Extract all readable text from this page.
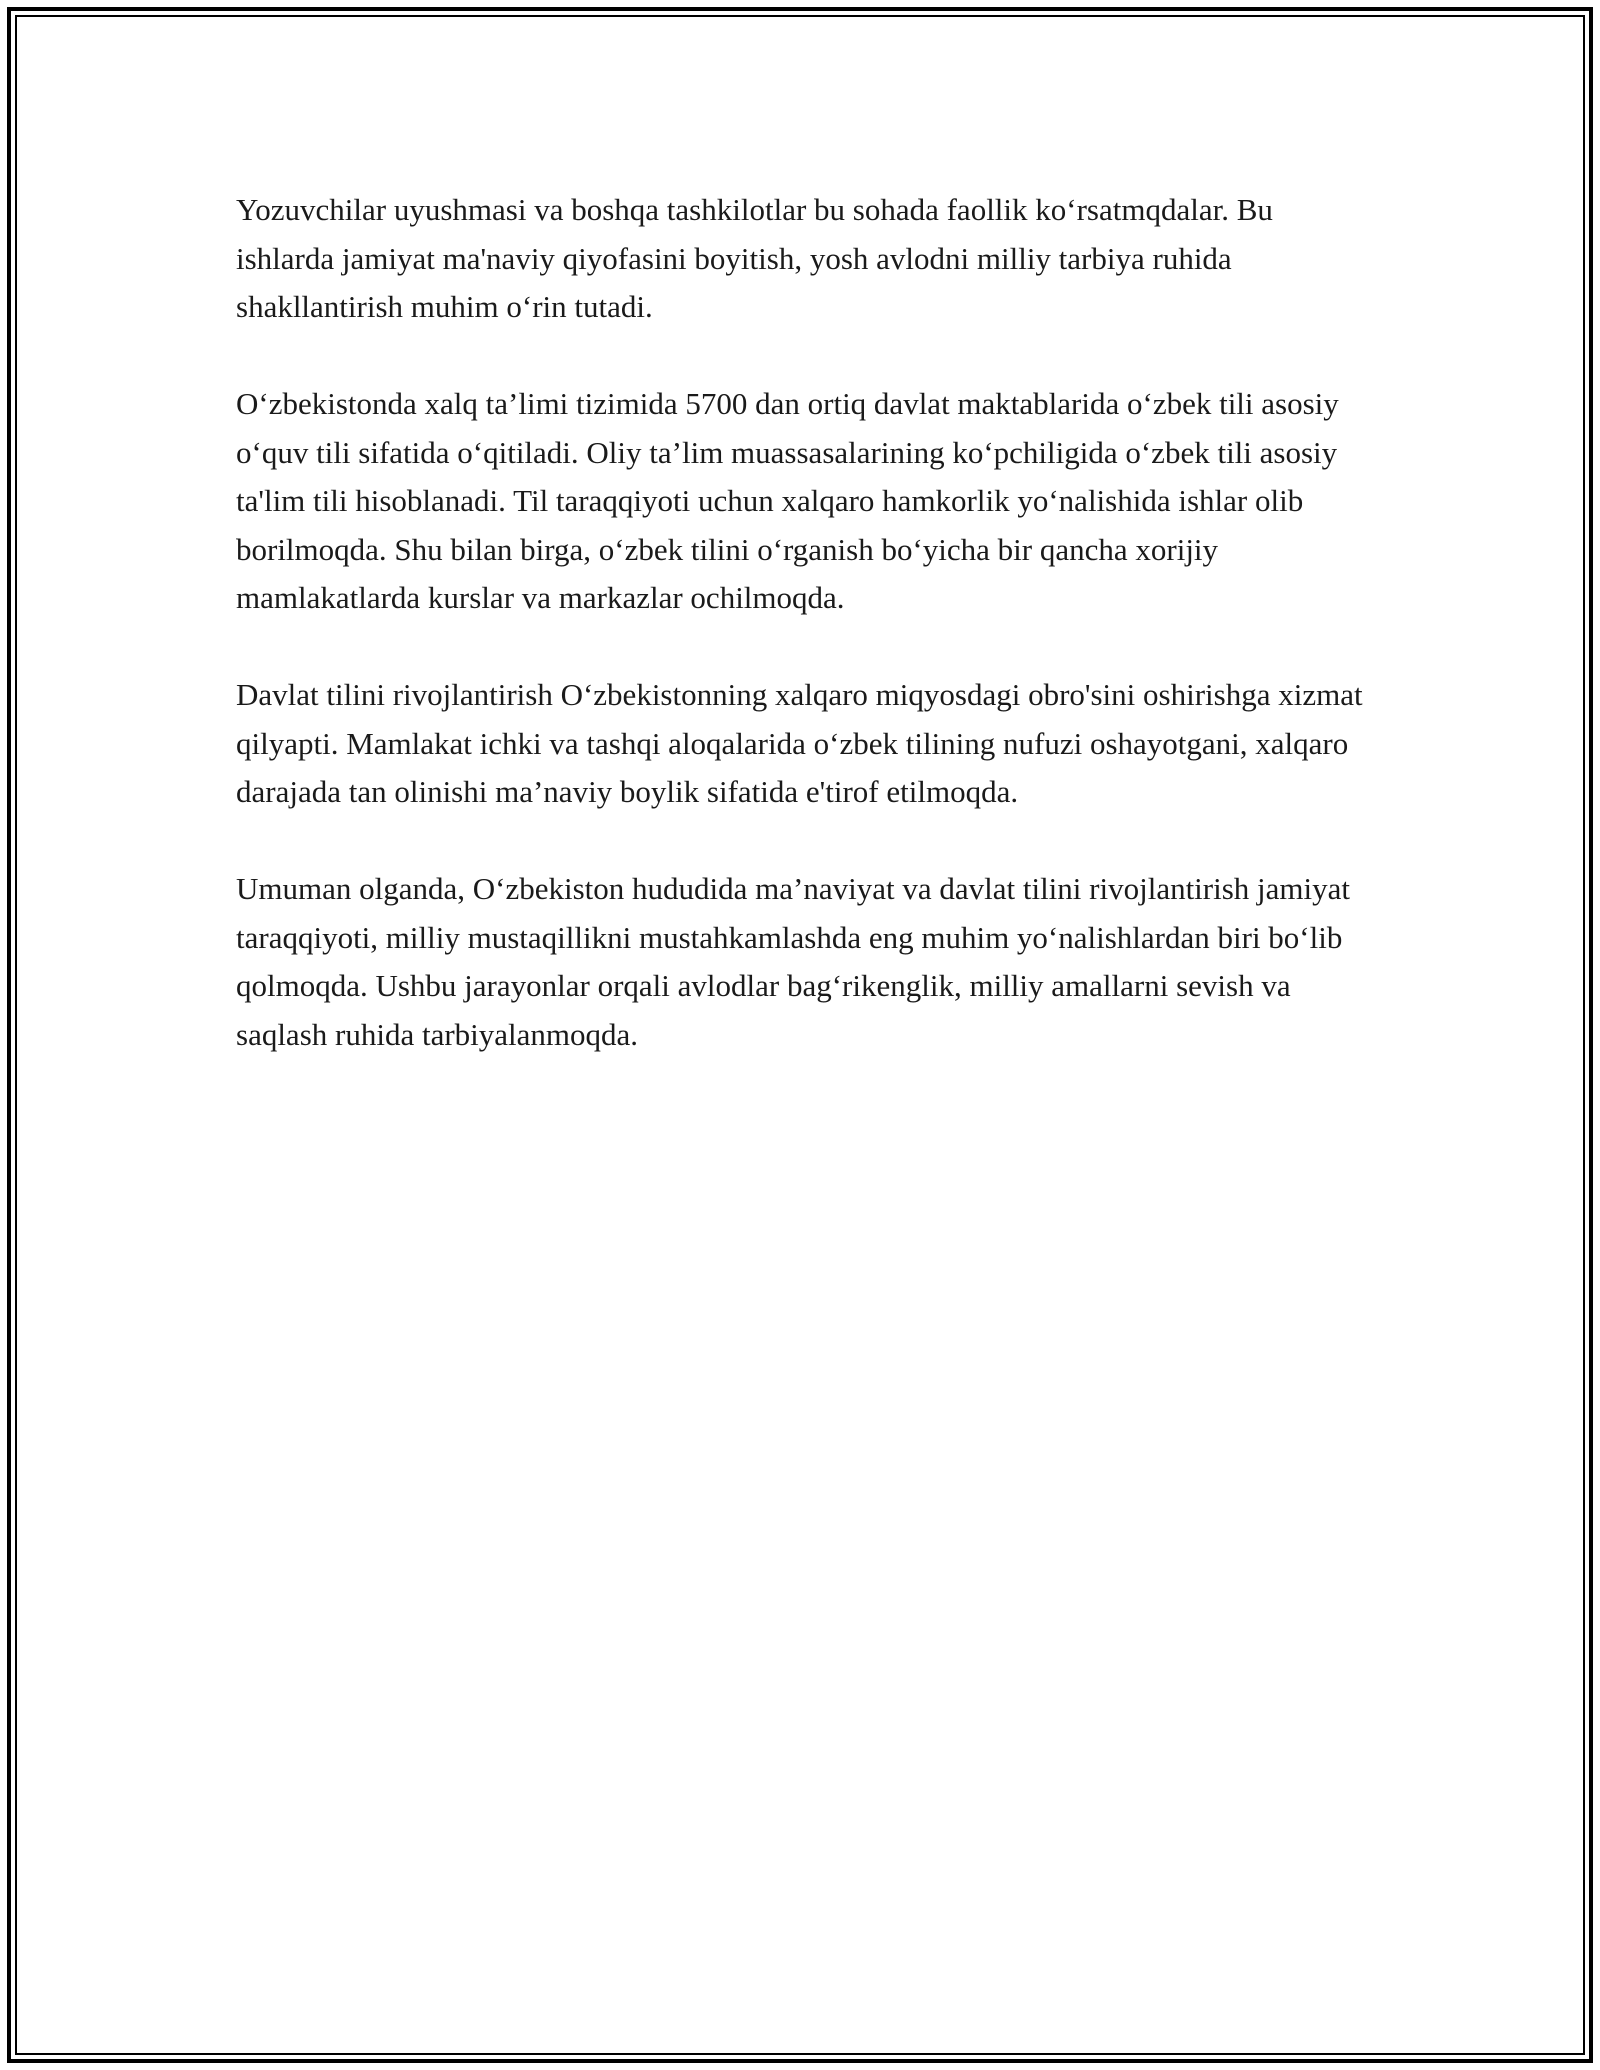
Yozuvchilar uyushmasi va boshqa tashkilotlar bu sohada faollik ko‘rsatmqdalar. Bu ishlarda jamiyat ma'naviy qiyofasini boyitish, yosh avlodni milliy tarbiya ruhida shakllantirish muhim o‘rin tutadi.

O‘zbekistonda xalq ta’limi tizimida 5700 dan ortiq davlat maktablarida o‘zbek tili asosiy o‘quv tili sifatida o‘qitiladi. Oliy ta’lim muassasalarining ko‘pchiligida o‘zbek tili asosiy ta'lim tili hisoblanadi. Til taraqqiyoti uchun xalqaro hamkorlik yo‘nalishida ishlar olib borilmoqda. Shu bilan birga, o‘zbek tilini o‘rganish bo‘yicha bir qancha xorijiy mamlakatlarda kurslar va markazlar ochilmoqda.

Davlat tilini rivojlantirish O‘zbekistonning xalqaro miqyosdagi obro'sini oshirishga xizmat qilyapti. Mamlakat ichki va tashqi aloqalarida o‘zbek tilining nufuzi oshayotgani, xalqaro darajada tan olinishi ma’naviy boylik sifatida e'tirof etilmoqda.

Umuman olganda, O‘zbekiston hududida ma’naviyat va davlat tilini rivojlantirish jamiyat taraqqiyoti, milliy mustaqillikni mustahkamlashda eng muhim yo‘nalishlardan biri bo‘lib qolmoqda. Ushbu jarayonlar orqali avlodlar bag‘rikenglik, milliy amallarni sevish va saqlash ruhida tarbiyalanmoqda.
